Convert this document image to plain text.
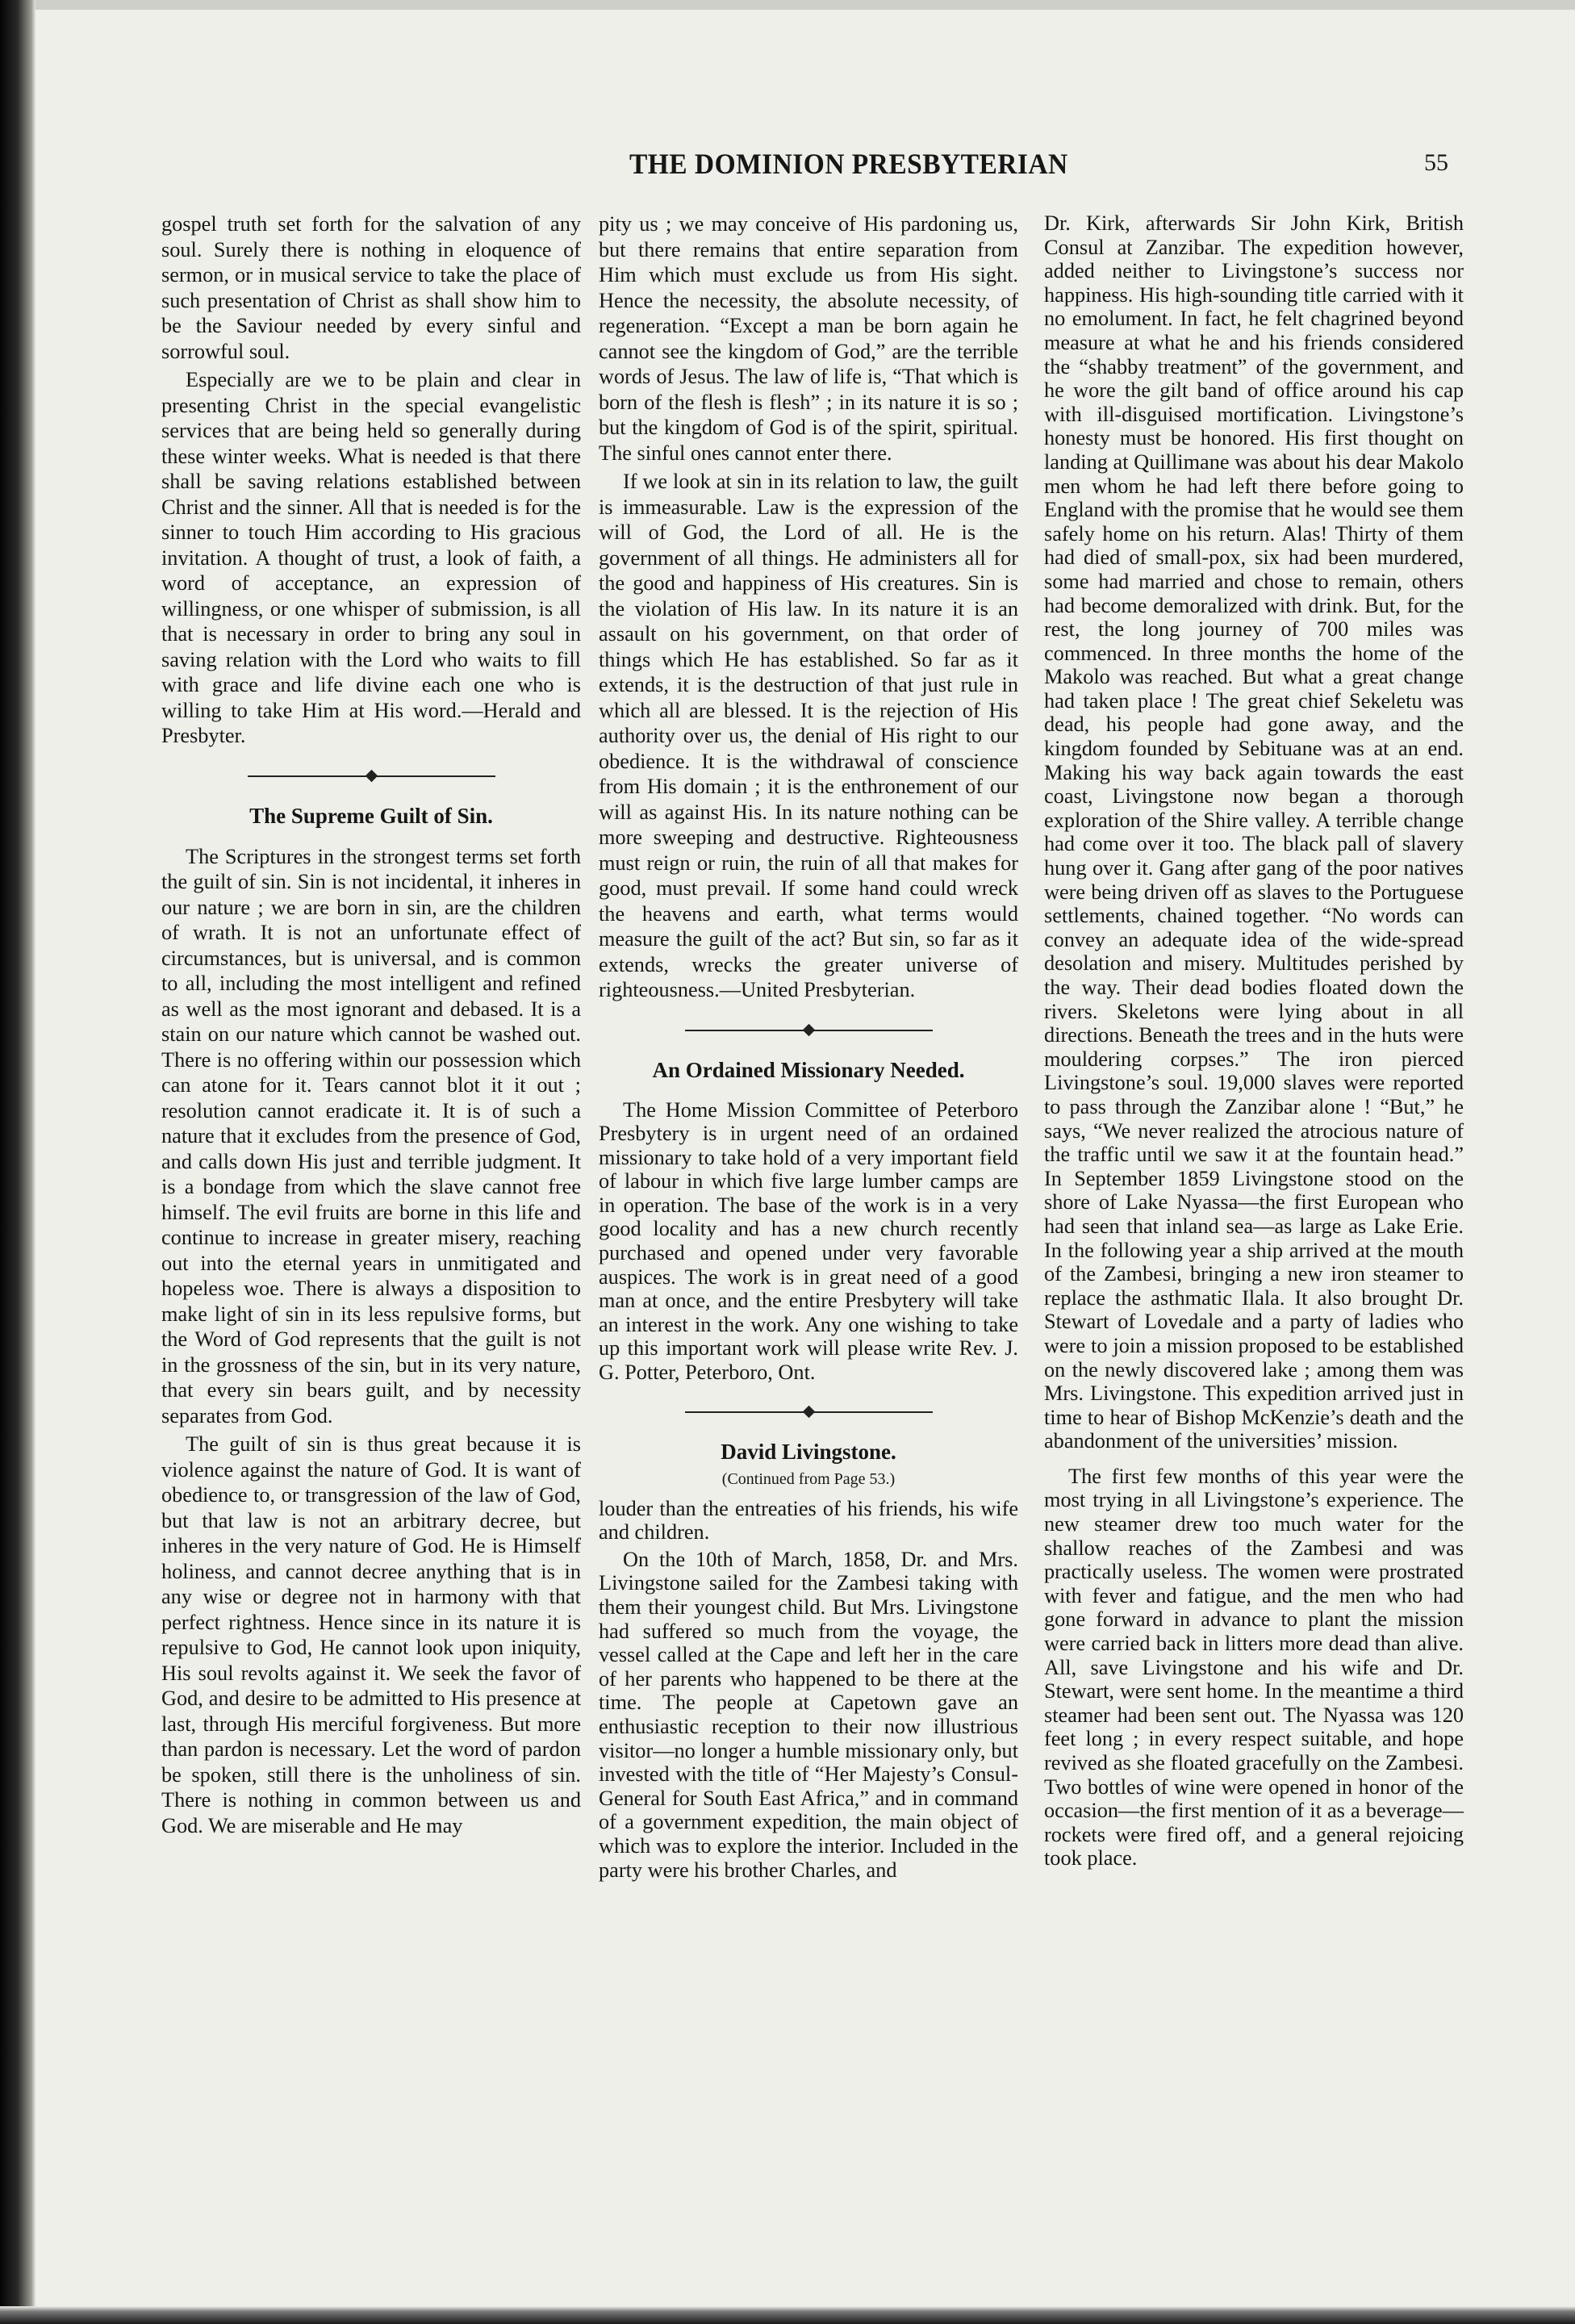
THE DOMINION PRESBYTERIAN	55

gospel truth set forth for the salvation of any soul. Surely there is nothing in eloquence of sermon, or in musical service to take the place of such presentation of Christ as shall show him to be the Saviour needed by every sinful and sorrowful soul.

Especially are we to be plain and clear in presenting Christ in the special evangelistic services that are being held so generally during these winter weeks. What is needed is that there shall be saving relations established between Christ and the sinner. All that is needed is for the sinner to touch Him according to His gracious invitation. A thought of trust, a look of faith, a word of acceptance, an expression of willingness, or one whisper of submission, is all that is necessary in order to bring any soul in saving relation with the Lord who waits to fill with grace and life divine each one who is willing to take Him at His word.—Herald and Presbyter.

The Supreme Guilt of Sin.

The Scriptures in the strongest terms set forth the guilt of sin. Sin is not incidental, it inheres in our nature ; we are born in sin, are the children of wrath. It is not an unfortunate effect of circumstances, but is universal, and is common to all, including the most intelligent and refined as well as the most ignorant and debased. It is a stain on our nature which cannot be washed out. There is no offering within our possession which can atone for it. Tears cannot blot it it out ; resolution cannot eradicate it. It is of such a nature that it excludes from the presence of God, and calls down His just and terrible judgment. It is a bondage from which the slave cannot free himself. The evil fruits are borne in this life and continue to increase in greater misery, reaching out into the eternal years in unmitigated and hopeless woe. There is always a disposition to make light of sin in its less repulsive forms, but the Word of God represents that the guilt is not in the grossness of the sin, but in its very nature, that every sin bears guilt, and by necessity separates from God.

The guilt of sin is thus great because it is violence against the nature of God. It is want of obedience to, or transgression of the law of God, but that law is not an arbitrary decree, but inheres in the very nature of God. He is Himself holiness, and cannot decree anything that is in any wise or degree not in harmony with that perfect rightness. Hence since in its nature it is repulsive to God, He cannot look upon iniquity, His soul revolts against it. We seek the favor of God, and desire to be admitted to His presence at last, through His merciful forgiveness. But more than pardon is necessary. Let the word of pardon be spoken, still there is the unholiness of sin. There is nothing in common between us and God. We are miserable and He may

pity us ; we may conceive of His pardoning us, but there remains that entire separation from Him which must exclude us from His sight. Hence the necessity, the absolute necessity, of regeneration. “Except a man be born again he cannot see the kingdom of God,” are the terrible words of Jesus. The law of life is, “That which is born of the flesh is flesh” ; in its nature it is so ; but the kingdom of God is of the spirit, spiritual. The sinful ones cannot enter there.

If we look at sin in its relation to law, the guilt is immeasurable. Law is the expression of the will of God, the Lord of all. He is the government of all things. He administers all for the good and happiness of His creatures. Sin is the violation of His law. In its nature it is an assault on his government, on that order of things which He has established. So far as it extends, it is the destruction of that just rule in which all are blessed. It is the rejection of His authority over us, the denial of His right to our obedience. It is the withdrawal of conscience from His domain ; it is the enthronement of our will as against His. In its nature nothing can be more sweeping and destructive. Righteousness must reign or ruin, the ruin of all that makes for good, must prevail. If some hand could wreck the heavens and earth, what terms would measure the guilt of the act? But sin, so far as it extends, wrecks the greater universe of righteousness.—United Presbyterian.

An Ordained Missionary Needed.

The Home Mission Committee of Peterboro Presbytery is in urgent need of an ordained missionary to take hold of a very important field of labour in which five large lumber camps are in operation. The base of the work is in a very good locality and has a new church recently purchased and opened under very favorable auspices. The work is in great need of a good man at once, and the entire Presbytery will take an interest in the work. Any one wishing to take up this important work will please write Rev. J. G. Potter, Peterboro, Ont.

David Livingstone.
(Continued from Page 53.)

louder than the entreaties of his friends, his wife and children.

On the 10th of March, 1858, Dr. and Mrs. Livingstone sailed for the Zambesi taking with them their youngest child. But Mrs. Livingstone had suffered so much from the voyage, the vessel called at the Cape and left her in the care of her parents who happened to be there at the time. The people at Capetown gave an enthusiastic reception to their now illustrious visitor—no longer a humble missionary only, but invested with the title of “Her Majesty’s Consul-General for South East Africa,” and in command of a government expedition, the main object of which was to explore the interior. Included in the party were his brother Charles, and

Dr. Kirk, afterwards Sir John Kirk, British Consul at Zanzibar. The expedition however, added neither to Livingstone’s success nor happiness. His high-sounding title carried with it no emolument. In fact, he felt chagrined beyond measure at what he and his friends considered the “shabby treatment” of the government, and he wore the gilt band of office around his cap with ill-disguised mortification. Livingstone’s honesty must be honored. His first thought on landing at Quillimane was about his dear Makolo men whom he had left there before going to England with the promise that he would see them safely home on his return. Alas! Thirty of them had died of small-pox, six had been murdered, some had married and chose to remain, others had become demoralized with drink. But, for the rest, the long journey of 700 miles was commenced. In three months the home of the Makolo was reached. But what a great change had taken place ! The great chief Sekeletu was dead, his people had gone away, and the kingdom founded by Sebituane was at an end. Making his way back again towards the east coast, Livingstone now began a thorough exploration of the Shire valley. A terrible change had come over it too. The black pall of slavery hung over it. Gang after gang of the poor natives were being driven off as slaves to the Portuguese settlements, chained together. “No words can convey an adequate idea of the wide-spread desolation and misery. Multitudes perished by the way. Their dead bodies floated down the rivers. Skeletons were lying about in all directions. Beneath the trees and in the huts were mouldering corpses.” The iron pierced Livingstone’s soul. 19,000 slaves were reported to pass through the Zanzibar alone ! “But,” he says, “We never realized the atrocious nature of the traffic until we saw it at the fountain head.” In September 1859 Livingstone stood on the shore of Lake Nyassa—the first European who had seen that inland sea—as large as Lake Erie. In the following year a ship arrived at the mouth of the Zambesi, bringing a new iron steamer to replace the asthmatic Ilala. It also brought Dr. Stewart of Lovedale and a party of ladies who were to join a mission proposed to be established on the newly discovered lake ; among them was Mrs. Livingstone. This expedition arrived just in time to hear of Bishop McKenzie’s death and the abandonment of the universities’ mission.

The first few months of this year were the most trying in all Livingstone’s experience. The new steamer drew too much water for the shallow reaches of the Zambesi and was practically useless. The women were prostrated with fever and fatigue, and the men who had gone forward in advance to plant the mission were carried back in litters more dead than alive. All, save Livingstone and his wife and Dr. Stewart, were sent home. In the meantime a third steamer had been sent out. The Nyassa was 120 feet long ; in every respect suitable, and hope revived as she floated gracefully on the Zambesi. Two bottles of wine were opened in honor of the occasion—the first mention of it as a beverage—rockets were fired off, and a general rejoicing took place.
